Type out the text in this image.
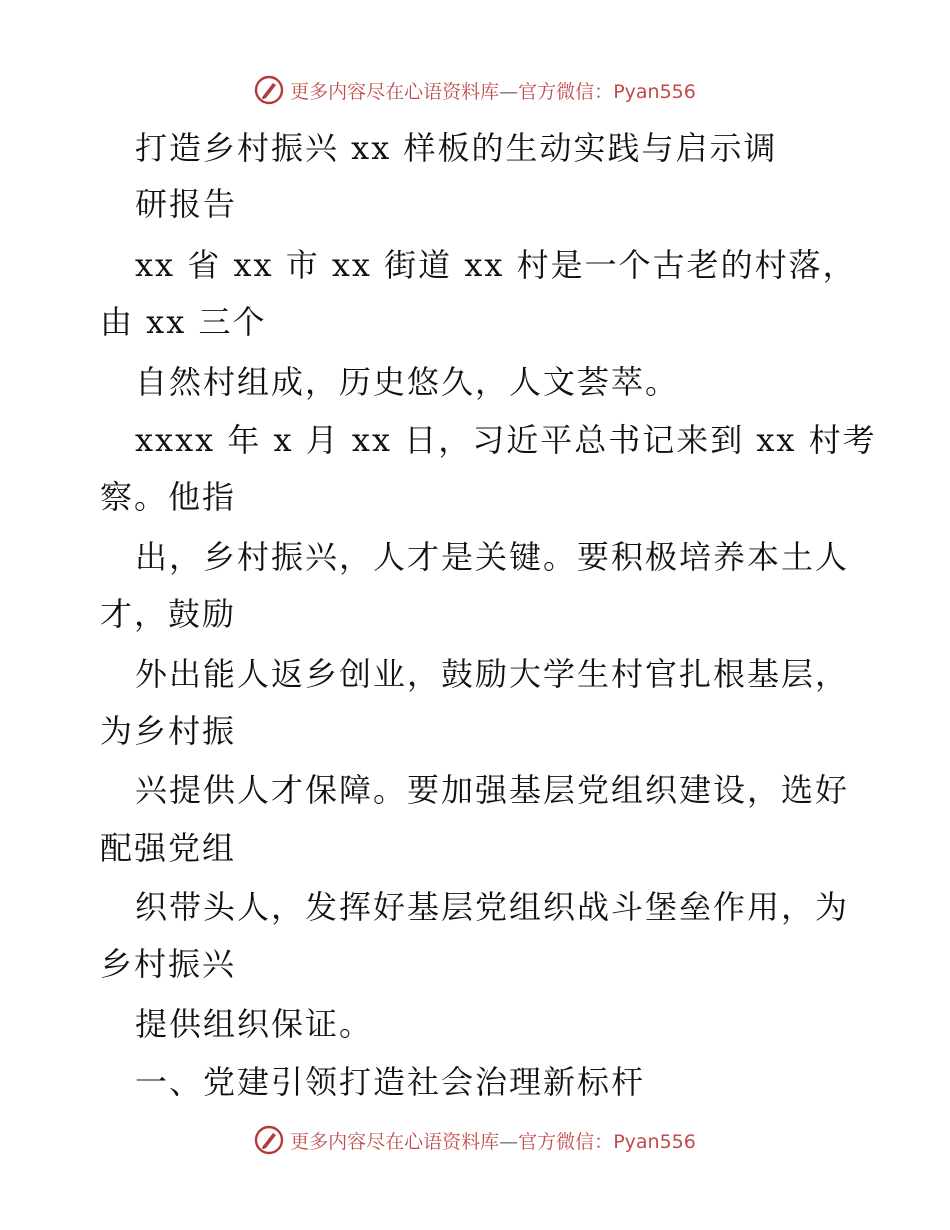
更多内容尽在心语资料库—官方微信：Pyan556
打造乡村振兴 xx 样板的生动实践与启示调
研报告
xx 省 xx 市 xx 街道 xx 村是一个古老的村落，
由 xx 三个
自然村组成，历史悠久，人文荟萃。
xxxx 年 x 月 xx 日，习近平总书记来到 xx 村考
察。他指
出，乡村振兴，人才是关键。要积极培养本土人
才，鼓励
外出能人返乡创业，鼓励大学生村官扎根基层，
为乡村振
兴提供人才保障。要加强基层党组织建设，选好
配强党组
织带头人，发挥好基层党组织战斗堡垒作用，为
乡村振兴
提供组织保证。
一、党建引领打造社会治理新标杆
更多内容尽在心语资料库—官方微信：Pyan556
